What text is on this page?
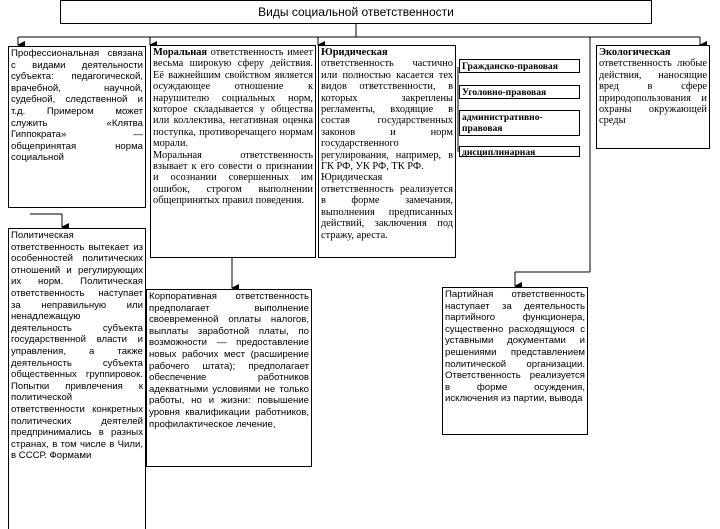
Виды социальной ответственности
Профессиональная связана с видами деятельности субъекта: педагогической, врачебной, научной, судебной, следственной и т.д. Примером может служить «Клятва Гиппократа» — общепринятая норма социальной
Моральная ответственность имеет весьма широкую сферу действия. Её важнейшим свойством является осуждающее отношение к нарушителю социальных норм, которое складывается у общества или коллектива, негативная оценка поступка, противоречащего нормам морали.
Моральная ответственность взывает к его совести о признании и осознании совершенных им ошибок, строгом выполнении общепринятых правил поведения.
Юридическая ответственность частично или полностью касается тех видов ответственности, в которых закреплены регламенты, входящие в состав государственных законов и норм государственного регулирования, например, в ГК РФ, УК РФ, ТК РФ.
Юридическая ответственность реализуется в форме замечания, выполнения предписанных действий, заключения под стражу, ареста.
Гражданско-правовая
Уголовно-правовая
административно-правовая
дисциплинарная
Экологическая ответственность любые действия, наносящие вред в сфере природопользования и охраны окружающей среды
Политическая ответственность вытекает из особенностей политических отношений и регулирующих их норм. Политическая ответственность наступает за неправильную или ненадлежащую деятельность субъекта государственной власти и управления, а также деятельность субъекта общественных группировок. Попытки привлечения к политической ответственности конкретных политических деятелей предпринимались в разных странах, в том числе в Чили, в СССР. Формами
Корпоративная ответственность предполагает выполнение своевременной оплаты налогов, выплаты заработной платы, по возможности — предоставление новых рабочих мест (расширение рабочего штата); предполагает обеспечение работников адекватными условиями не только работы, но и жизни: повышение уровня квалификации работников, профилактическое лечение,
Партийная ответственность наступает за деятельность партийного функционера, существенно расходящуюся с уставными документами и решениями представлением политической организации. Ответственность реализуется в форме осуждения, исключения из партии, вывода
